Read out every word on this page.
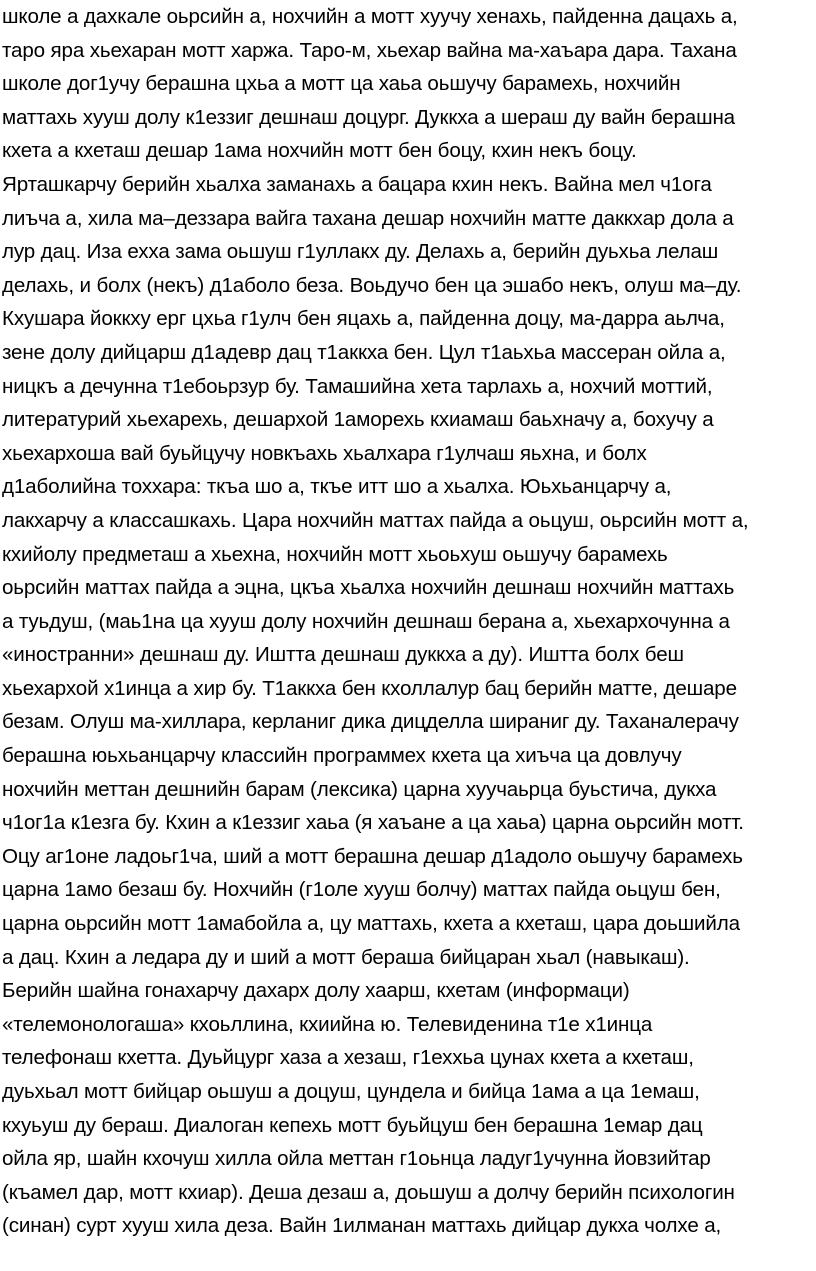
школе а дахкале оьрсийн а, нохчийн а мотт хуучу хенахь, пайденна дацахь а,
таро яра хьехаран мотт харжа. Таро-м, хьехар вайна ма-хаъара дара. Тахана
школе дог1учу берашна цхьа а мотт ца хаьа оьшучу барамехь, нохчийн
маттахь хууш долу к1еззиг дешнаш доцург. Дуккха а шераш ду вайн берашна
кхета а кхеташ дешар 1ама нохчийн мотт бен боцу, кхин некъ боцу.
Ярташкарчу берийн хьалха заманахь а бацара кхин некъ. Вайна мел ч1ога
лиъча а, хила ма–деззара вайга тахана дешар нохчийн матте даккхар дола а
лур дац. Иза ехха зама оьшуш г1уллакх ду. Делахь а, берийн дуьхьа лелаш
делахь, и болх (некъ) д1аболо беза. Воьдучо бен ца эшабо некъ, олуш ма–ду.
Кхушара йоккху ерг цхьа г1улч бен яцахь а, пайденна доцу, ма-дарра аьлча,
зене долу дийцарш д1адевр дац т1аккха бен. Цул т1аьхьа массеран ойла а,
ницкъ а дечунна т1ебоьрзур бу. Тамашийна хета тарлахь а, нохчий моттий,
литературий хьехарехь, дешархой 1аморехь кхиамаш баьхначу а, бохучу а
хьехархоша вай буьйцучу новкъахь хьалхара г1улчаш яьхна, и болх
д1аболийна тоххара: ткъа шо а, ткъе итт шо а хьалха. Юьхьанцарчу а,
лакхарчу а классашкахь. Цара нохчийн маттах пайда а оьцуш, оьрсийн мотт а,
кхийолу предметаш а хьехна, нохчийн мотт хьоьхуш оьшучу барамехь
оьрсийн маттах пайда а эцна, цкъа хьалха нохчийн дешнаш нохчийн маттахь
а туьдуш, (маь1на ца хууш долу нохчийн дешнаш берана а, хьехархочунна а
«иностранни» дешнаш ду. Иштта дешнаш дуккха а ду). Иштта болх беш
хьехархой х1инца а хир бу. Т1аккха бен кхоллалур бац берийн матте, дешаре
безам. Олуш ма-хиллара, керланиг дика дицделла ширaниг ду. Тахaналерачу
берашна юьхьанцарчу классийн программех кхета ца хиъча ца довлучу
нохчийн меттан дешнийн барам (лексика) царна хуучаьрца буьстича, дукха
ч1ог1а к1езга бу. Кхин а к1еззиг хаьа (я хаъане а ца хаьа) царна оьрсийн мотт.
Оцу аг1оне ладоьг1ча, ший а мотт берашна дешар д1адоло оьшучу барамехь
царна 1амо безаш бу. Нохчийн (г1оле хууш болчу) маттах пайда оьцуш бен,
царна оьрсийн мотт 1амабойла а, цу маттахь, кхета а кхеташ, цара доьшийла
а дац. Кхин а ледара ду и ший а мотт бераша бийцаран хьал (навыкаш).
Берийн шайна гонахарчу дахарх долу хаарш, кхетам (информаци)
«телемонологаша» кхоьллина, кхиийна ю. Телевиденина т1е х1инца
телефонаш кхетта. Дуьйцург хаза а хезаш, г1еххьа цунах кхета а кхеташ,
дуьхьал мотт бийцар оьшуш а доцуш, цундела и бийца 1ама а ца 1емаш,
кхуьуш ду бераш. Диалоган кепехь мотт буьйцуш бен берашна 1емар дац
ойла яр, шайн кхочуш хилла ойла меттан г1оьнца ладуг1учунна йовзийтар
(къамел дар, мотт кхиар). Деша дезаш а, доьшуш а долчу берийн психологин
(синан) сурт хууш хила деза. Вайн 1илманан маттахь дийцар дукха чолхе а,
